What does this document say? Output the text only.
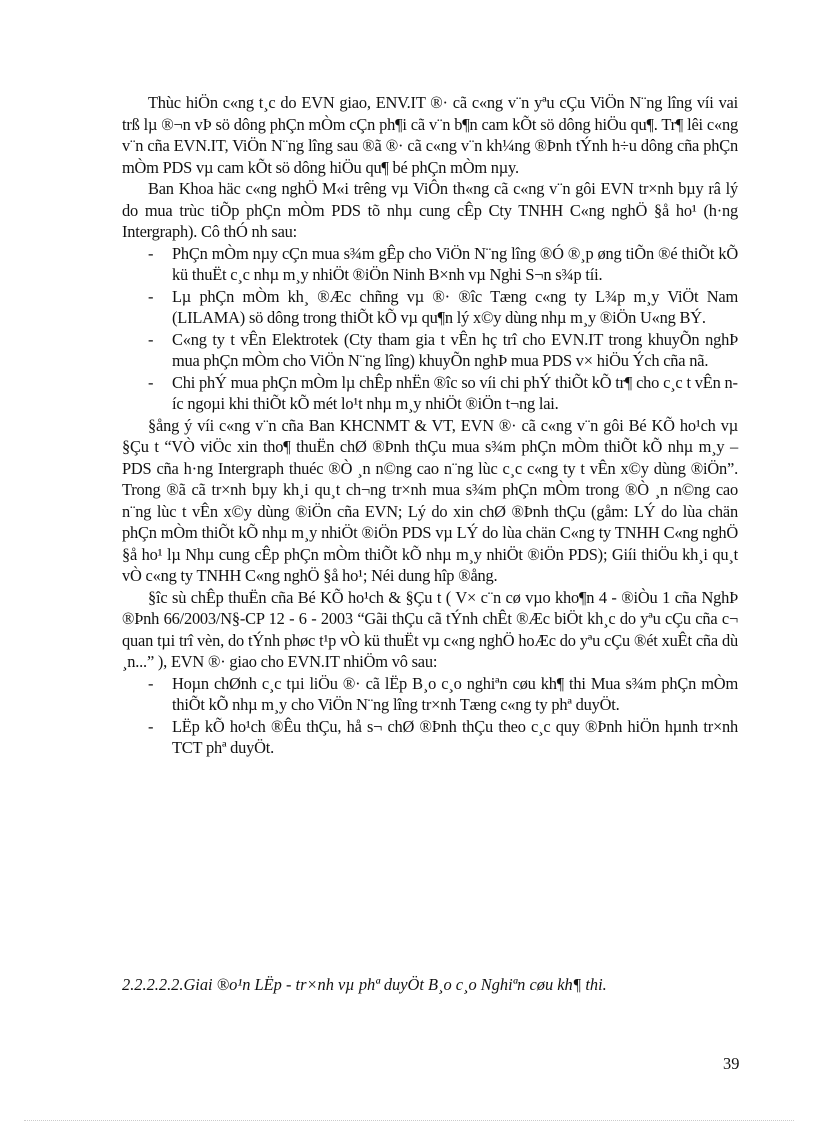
Thùc hiÖn c«ng t¸c do EVN giao, ENV.IT ®· cã c«ng v¨n yªu cÇu ViÖn N¨ng lîng víi vai trß lµ ®¬n vÞ sö dông phÇn mÒm cÇn ph¶i cã v¨n b¶n cam kÕt sö dông hiÖu qu¶. Tr¶ lêi c«ng v¨n cña EVN.IT, ViÖn N¨ng lîng sau ®ã ®· cã c«ng v¨n kh¼ng ®Þnh tÝnh h÷u dông cña phÇn mÒm PDS vµ cam kÕt sö dông hiÖu qu¶ bé phÇn mÒm nµy.

Ban Khoa häc c«ng nghÖ M«i trêng vµ ViÔn th«ng cã c«ng v¨n gôi EVN tr×nh bµy râ lý do mua trùc tiÕp phÇn mÒm PDS tõ nhµ cung cÊp Cty TNHH C«ng nghÖ §å ho¹ (h·ng Intergraph). Cô thÓ nh sau:

- PhÇn mÒm nµy cÇn mua s¾m gÊp cho ViÖn N¨ng lîng ®Ó ®¸p øng tiÕn ®é thiÕt kÕ kü thuËt c¸c nhµ m¸y nhiÖt ®iÖn Ninh B×nh vµ Nghi S¬n s¾p tíi.
- Lµ phÇn mÒm kh¸ ®Æc chñng vµ ®· ®îc Tæng c«ng ty L¾p m¸y ViÖt Nam (LILAMA) sö dông trong thiÕt kÕ vµ qu¶n lý x©y dùng nhµ m¸y ®iÖn U«ng BÝ.
- C«ng ty t vÊn Elektrotek (Cty tham gia t vÊn hç trî cho EVN.IT trong khuyÕn nghÞ mua phÇn mÒm cho ViÖn N¨ng lîng) khuyÕn nghÞ mua PDS v× hiÖu Ých cña nã.
- Chi phÝ mua phÇn mÒm lµ chÊp nhËn ®îc so víi chi phÝ thiÕt kÕ tr¶ cho c¸c t vÊn níc ngoµi khi thiÕt kÕ mét lo¹t nhµ m¸y nhiÖt ®iÖn t¬ng lai.

§ång ý víi c«ng v¨n cña Ban KHCNMT & VT, EVN ®· cã c«ng v¨n gôi Bé KÕ ho¹ch vµ §Çu t “VÒ viÖc xin tho¶ thuËn chØ ®Þnh thÇu mua s¾m phÇn mÒm thiÕt kÕ nhµ m¸y – PDS cña h·ng Intergraph thuéc ®Ò ¸n n©ng cao n¨ng lùc c¸c c«ng ty t vÊn x©y dùng ®iÖn”. Trong ®ã cã tr×nh bµy kh¸i qu¸t ch¬ng tr×nh mua s¾m phÇn mÒm trong ®Ò ¸n n©ng cao n¨ng lùc t vÊn x©y dùng ®iÖn cña EVN; Lý do xin chØ ®Þnh thÇu (gåm: LÝ do lùa chän phÇn mÒm thiÕt kÕ nhµ m¸y nhiÖt ®iÖn PDS vµ LÝ do lùa chän C«ng ty TNHH C«ng nghÖ §å ho¹ lµ Nhµ cung cÊp phÇn mÒm thiÕt kÕ nhµ m¸y nhiÖt ®iÖn PDS); Giíi thiÖu kh¸i qu¸t vÒ c«ng ty TNHH C«ng nghÖ §å ho¹; Néi dung hîp ®ång.

§îc sù chÊp thuËn cña Bé KÕ ho¹ch & §Çu t ( V× c¨n cø vµo kho¶n 4 - ®iÒu 1 cña NghÞ ®Þnh 66/2003/N§-CP 12 - 6 - 2003 “Gãi thÇu cã tÝnh chÊt ®Æc biÖt kh¸c do yªu cÇu cña c¬ quan tµi trî vèn, do tÝnh phøc t¹p vÒ kü thuËt vµ c«ng nghÖ hoÆc do yªu cÇu ®ét xuÊt cña dù ¸n...” ), EVN ®· giao cho EVN.IT nhiÖm vô sau:

- Hoµn chØnh c¸c tµi liÖu ®· cã lËp B¸o c¸o nghiªn cøu kh¶ thi Mua s¾m phÇn mÒm thiÕt kÕ nhµ m¸y cho ViÖn N¨ng lîng tr×nh Tæng c«ng ty phª duyÖt.
- LËp kÕ ho¹ch ®Êu thÇu, hå s¬ chØ ®Þnh thÇu theo c¸c quy ®Þnh hiÖn hµnh tr×nh TCT phª duyÖt.
2.2.2.2.2.Giai ®o¹n LËp - tr×nh vµ phª duyÖt B¸o c¸o Nghiªn cøu kh¶ thi.
39
